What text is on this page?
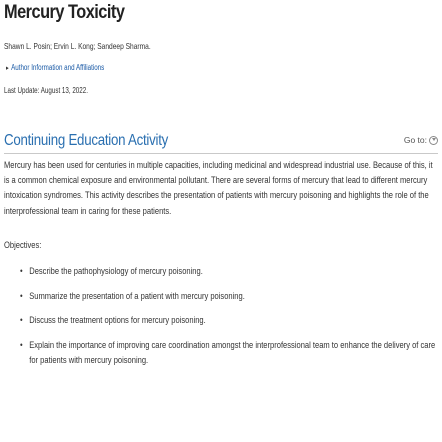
Mercury Toxicity
Shawn L. Posin; Ervin L. Kong; Sandeep Sharma.
▸ Author Information and Affiliations
Last Update: August 13, 2022.
Continuing Education Activity	Go to:
Mercury has been used for centuries in multiple capacities, including medicinal and widespread industrial use. Because of this, it is a common chemical exposure and environmental pollutant. There are several forms of mercury that lead to different mercury intoxication syndromes. This activity describes the presentation of patients with mercury poisoning and highlights the role of the interprofessional team in caring for these patients.
Objectives:
• Describe the pathophysiology of mercury poisoning.
• Summarize the presentation of a patient with mercury poisoning.
• Discuss the treatment options for mercury poisoning.
• Explain the importance of improving care coordination amongst the interprofessional team to enhance the delivery of care for patients with mercury poisoning.
